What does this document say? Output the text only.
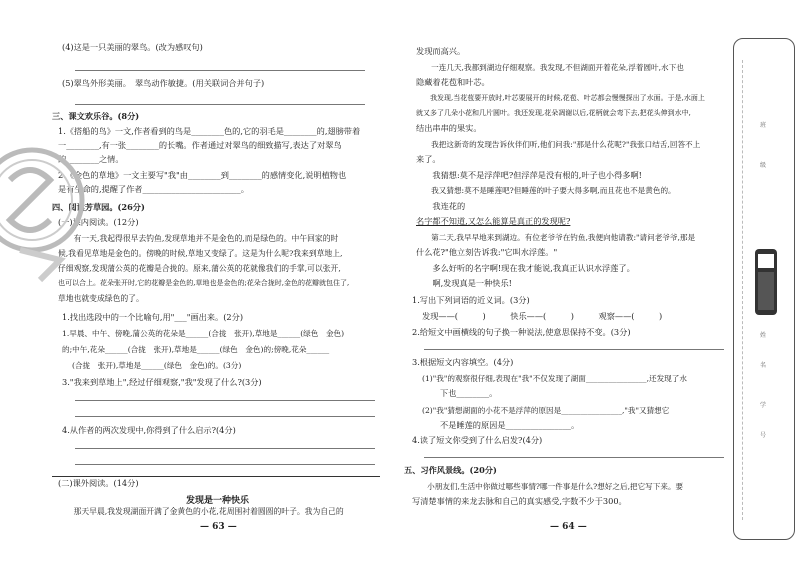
(4)这是一只美丽的翠鸟。(改为感叹句)
(5)翠鸟外形美丽。　翠鸟动作敏捷。(用关联词合并句子)
三、课文欢乐谷。(8分)
1.《搭船的鸟》一文,作者看到的鸟是________色的,它的羽毛是________的,翅膀带着
一________,有一张________的长嘴。作者通过对翠鸟的细致描写,表达了对翠鸟
的________之情。
2.《金色的草地》一文主要写"我"由________到________的感情变化,说明植物也
是有生命的,提醒了作者________________________。
四、阅读芳草园。(26分)
(一)课内阅读。(12分)
　　有一天,我起得很早去钓鱼,发现草地并不是金色的,而是绿色的。中午回家的时
候,我看见草地是金色的。傍晚的时候,草地又变绿了。这是为什么呢?我来到草地上,
仔细观察,发现蒲公英的花瓣是合拢的。原来,蒲公英的花就像我们的手掌,可以张开,
也可以合上。花朵张开时,它的花瓣是金色的,草地也是金色的;花朵合拢时,金色的花瓣就包住了,
草地也就变成绿色的了。
1.找出选段中的一个比喻句,用"___"画出来。(2分)
1.早晨、中午、傍晚,蒲公英的花朵是______(合拢　张开),草地是______(绿色　金色)
的;中午,花朵______(合拢　张开),草地是______(绿色　金色)的;傍晚,花朵______
(合拢　张开),草地是______(绿色　金色)的。(3分)
3."我来到草地上",经过仔细观察,"我"发现了什么?(3分)
4.从作者的两次发现中,你得到了什么启示?(4分)
(二)课外阅读。(14分)
发现是一种快乐
　　那天早晨,我发现湖面开满了金黄色的小花,花周围衬着圆圆的叶子。我为自己的
— 63 —
发现而高兴。
　　一连几天,我都到湖边仔细观察。我发现,不但湖面开着花朵,浮着圆叶,水下也
隐藏着花苞和叶芯。
　　我发现,当花苞要开放时,叶芯要展开的时候,花苞、叶芯都会慢慢探出了水面。于是,水面上
就又多了几朵小花和几片圆叶。我还发现,花朵凋谢以后,花柄就会弯下去,把花头伸到水中,
结出串串的果实。
　　我把这新奇的发现告诉伙伴们听,他们问我:"那是什么花呢?"我张口结舌,回答不上
来了。
　　我猜想:莫不是浮萍吧?但浮萍是没有根的,叶子也小得多啊!
　　我又猜想:莫不是睡莲吧?但睡莲的叶子要大得多啊,而且花也不是黄色的。
　　我连花的
名字都不知道,又怎么能算是真正的发现呢?
　　第二天,我早早地来到湖边。有位老爷爷在钓鱼,我便向他请教:"请问老爷爷,那是
什么花?"他立刻告诉我:"它叫水浮莲。"
　　多么好听的名字啊!现在我才能说,我真正认识水浮莲了。
　　啊,发现真是一种快乐!
1.写出下列词语的近义词。(3分)
发现——(　　　)　　　快乐——(　　　)　　　观察——(　　　)
2.给短文中画横线的句子换一种说法,使意思保持不变。(3分)
3.根据短文内容填空。(4分)
(1)"我"的观察很仔细,表现在"我"不仅发现了湖面________________,还发现了水
下也________。
(2)"我"猜想湖面的小花不是浮萍的原因是________________,"我"又猜想它
不是睡莲的原因是________________。
4.读了短文你受到了什么启发?(4分)
五、习作风景线。(20分)
　　小朋友们,生活中你做过哪些事情?哪一件事是什么?想好之后,把它写下来。要
写清楚事情的来龙去脉和自己的真实感受,字数不少于300。
— 64 —
班
级
姓
名
学
号
